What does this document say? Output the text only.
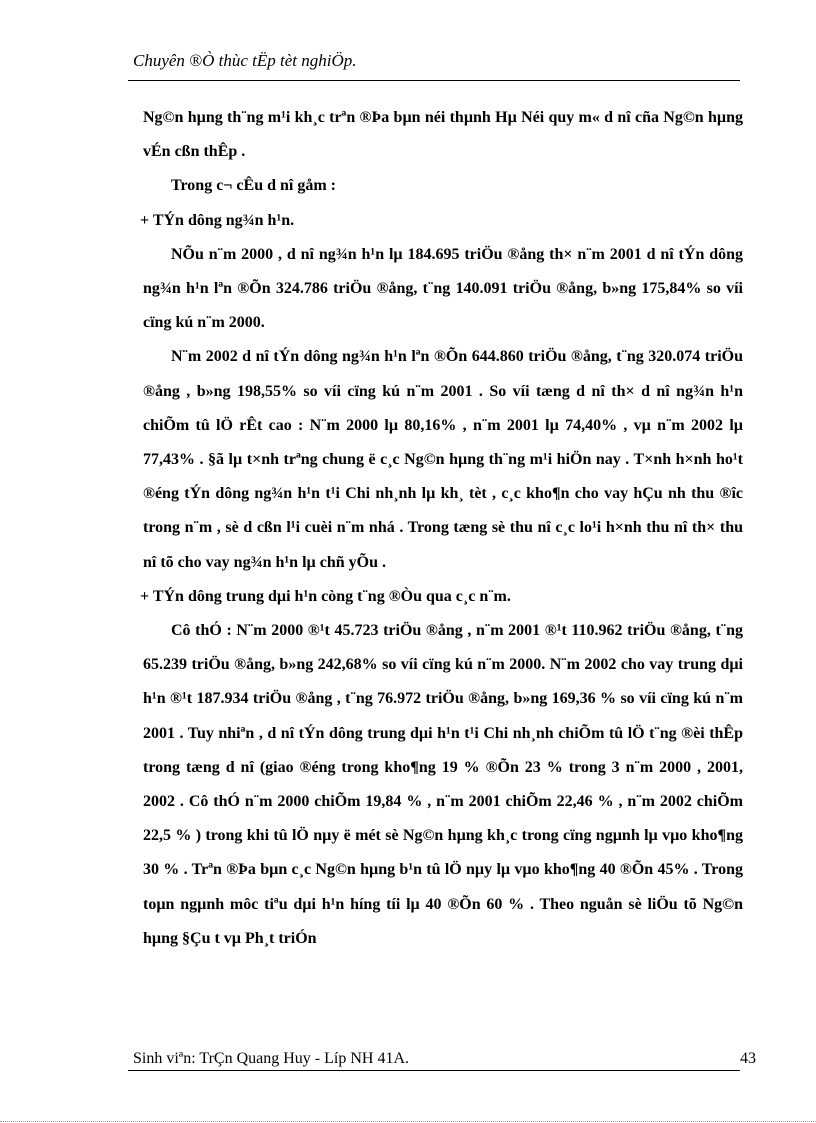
Chuyên ®Ò thùc tËp tèt nghiÖp.

Ng©n hµng th¨ng m¹i kh¸c trªn ®Þa bµn néi thµnh Hµ Néi quy m« d nî cña Ng©n hµng vÉn cßn thÊp .

Trong c¬ cÊu d nî gåm :

+ TÝn dông ng¾n h¹n.

NÕu n¨m 2000 , d nî ng¾n h¹n lµ 184.695 triÖu ®ång th× n¨m 2001 d nî tÝn dông ng¾n h¹n lªn ®Õn 324.786 triÖu ®ång, t¨ng 140.091 triÖu ®ång, b»ng 175,84% so víi cïng kú n¨m 2000.

N¨m 2002 d nî tÝn dông ng¾n h¹n lªn ®Õn 644.860 triÖu ®ång, t¨ng 320.074 triÖu ®ång , b»ng 198,55% so víi cïng kú n¨m 2001 . So víi tæng d nî th× d nî ng¾n h¹n chiÕm tû lÖ rÊt cao : N¨m 2000 lµ 80,16% , n¨m 2001 lµ 74,40% , vµ n¨m 2002 lµ 77,43% . §ã lµ t×nh trªng chung ë c¸c Ng©n hµng th¨ng m¹i hiÖn nay . T×nh h×nh ho¹t ®éng tÝn dông ng¾n h¹n t¹i Chi nh¸nh lµ kh¸ tèt , c¸c kho¶n cho vay hÇu nh thu ®îc trong n¨m , sè d cßn l¹i cuèi n¨m nhá . Trong tæng sè thu nî c¸c lo¹i h×nh thu nî th× thu nî tõ cho vay ng¾n h¹n lµ chñ yÕu .

+ TÝn dông trung dµi h¹n còng t¨ng ®Òu qua c¸c n¨m.

Cô thÓ : N¨m 2000 ®¹t 45.723 triÖu ®ång , n¨m 2001 ®¹t 110.962 triÖu ®ång, t¨ng 65.239 triÖu ®ång, b»ng 242,68% so víi cïng kú n¨m 2000. N¨m 2002 cho vay trung dµi h¹n ®¹t 187.934 triÖu ®ång , t¨ng 76.972 triÖu ®ång, b»ng 169,36 % so víi cïng kú n¨m 2001 . Tuy nhiªn , d nî tÝn dông trung dµi h¹n t¹i Chi nh¸nh chiÕm tû lÖ t¨ng ®èi thÊp trong tæng d nî (giao ®éng trong kho¶ng 19 % ®Õn 23 % trong 3 n¨m 2000 , 2001, 2002 . Cô thÓ n¨m 2000 chiÕm 19,84 % , n¨m 2001 chiÕm 22,46 % , n¨m 2002 chiÕm 22,5 % ) trong khi tû lÖ nµy ë mét sè Ng©n hµng kh¸c trong cïng ngµnh lµ vµo kho¶ng 30 % . Trªn ®Þa bµn c¸c Ng©n hµng b¹n tû lÖ nµy lµ vµo kho¶ng 40 ®Õn 45% . Trong toµn ngµnh môc tiªu dµi h¹n híng tíi lµ 40 ®Õn 60 % . Theo nguån sè liÖu tõ Ng©n hµng §Çu t vµ Ph¸t triÓn

Sinh viªn: TrÇn Quang Huy - Líp NH 41A.	43
